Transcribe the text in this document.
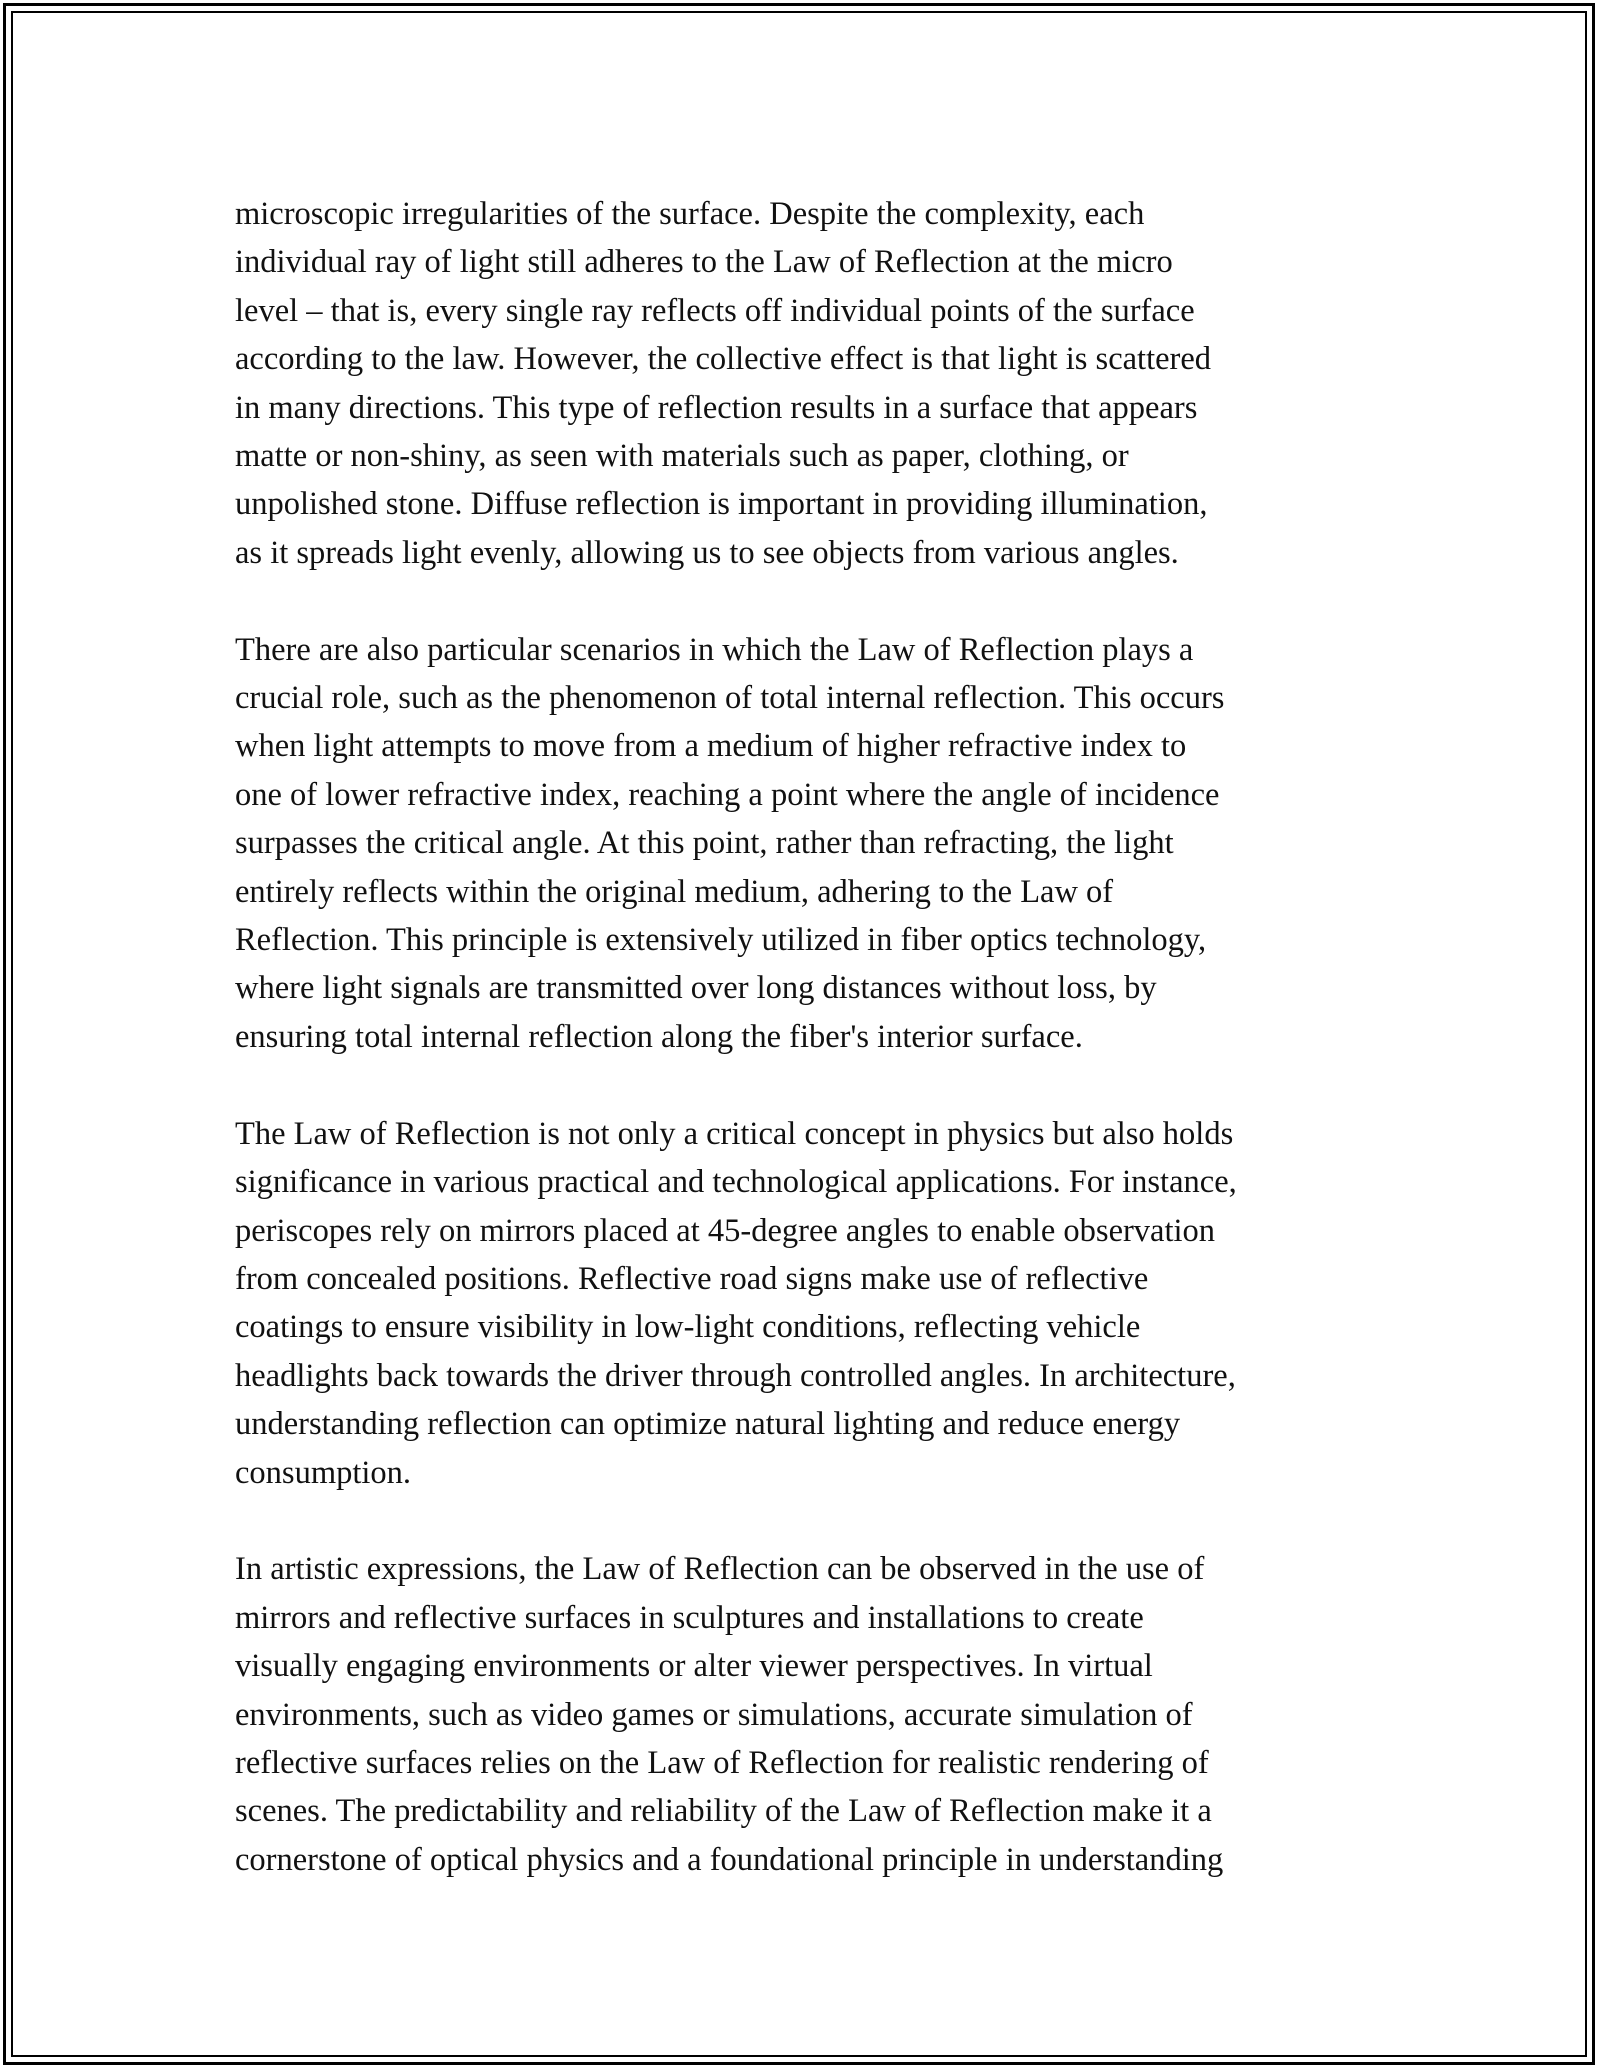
microscopic irregularities of the surface. Despite the complexity, each
individual ray of light still adheres to the Law of Reflection at the micro
level – that is, every single ray reflects off individual points of the surface
according to the law. However, the collective effect is that light is scattered
in many directions. This type of reflection results in a surface that appears
matte or non-shiny, as seen with materials such as paper, clothing, or
unpolished stone. Diffuse reflection is important in providing illumination,
as it spreads light evenly, allowing us to see objects from various angles.

There are also particular scenarios in which the Law of Reflection plays a
crucial role, such as the phenomenon of total internal reflection. This occurs
when light attempts to move from a medium of higher refractive index to
one of lower refractive index, reaching a point where the angle of incidence
surpasses the critical angle. At this point, rather than refracting, the light
entirely reflects within the original medium, adhering to the Law of
Reflection. This principle is extensively utilized in fiber optics technology,
where light signals are transmitted over long distances without loss, by
ensuring total internal reflection along the fiber's interior surface.

The Law of Reflection is not only a critical concept in physics but also holds
significance in various practical and technological applications. For instance,
periscopes rely on mirrors placed at 45-degree angles to enable observation
from concealed positions. Reflective road signs make use of reflective
coatings to ensure visibility in low-light conditions, reflecting vehicle
headlights back towards the driver through controlled angles. In architecture,
understanding reflection can optimize natural lighting and reduce energy
consumption.

In artistic expressions, the Law of Reflection can be observed in the use of
mirrors and reflective surfaces in sculptures and installations to create
visually engaging environments or alter viewer perspectives. In virtual
environments, such as video games or simulations, accurate simulation of
reflective surfaces relies on the Law of Reflection for realistic rendering of
scenes. The predictability and reliability of the Law of Reflection make it a
cornerstone of optical physics and a foundational principle in understanding
